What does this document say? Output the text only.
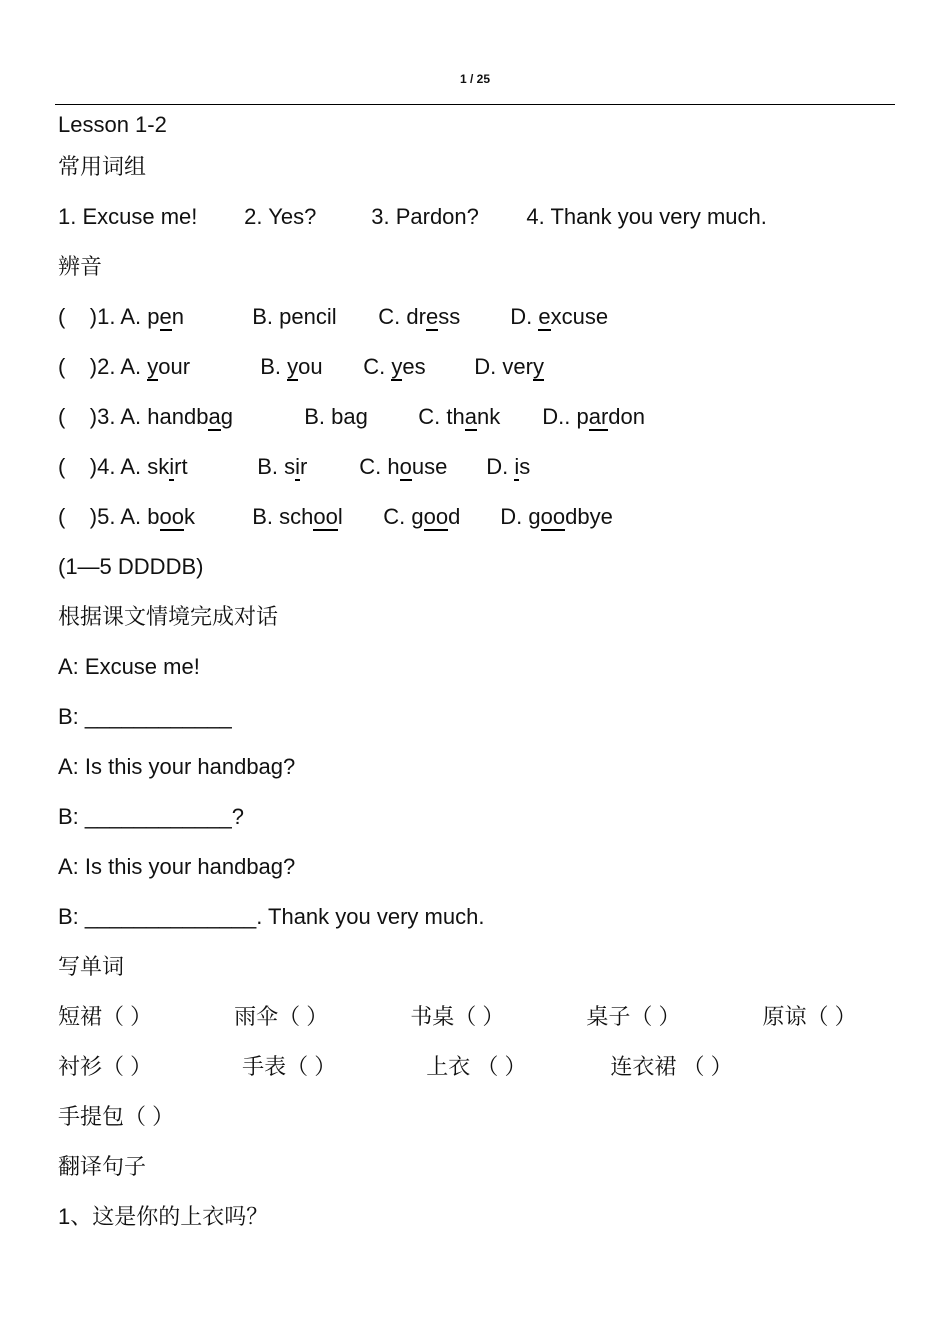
1 / 25
Lesson 1-2
常用词组
1. Excuse me! 2. Yes? 3. Pardon? 4. Thank you very much.
辨音
(    )1. A. pen	B. pencil C. dress D. excuse
(    )2. A. your	B. you C. yes D. very
(    )3. A. handbag	B. bag C. thank D.. pardon
(    )4. A. skirt	B. sir C. house D. is
(    )5. A. book	B. school C. good D. goodbye
(1—5 DDDDB)
根据课文情境完成对话
A: Excuse me!
B: ____________
A: Is this your handbag?
B: ____________?
A: Is this your handbag?
B: ______________. Thank you very much.
写单词
短裙（ ）	雨伞（ ）	书桌（ ）	桌子（ ）	原谅（ ）
衬衫（ ）	手表（ ）	上衣 （ ）	连衣裙 （ ）
手提包（ ）
翻译句子
1、这是你的上衣吗？
